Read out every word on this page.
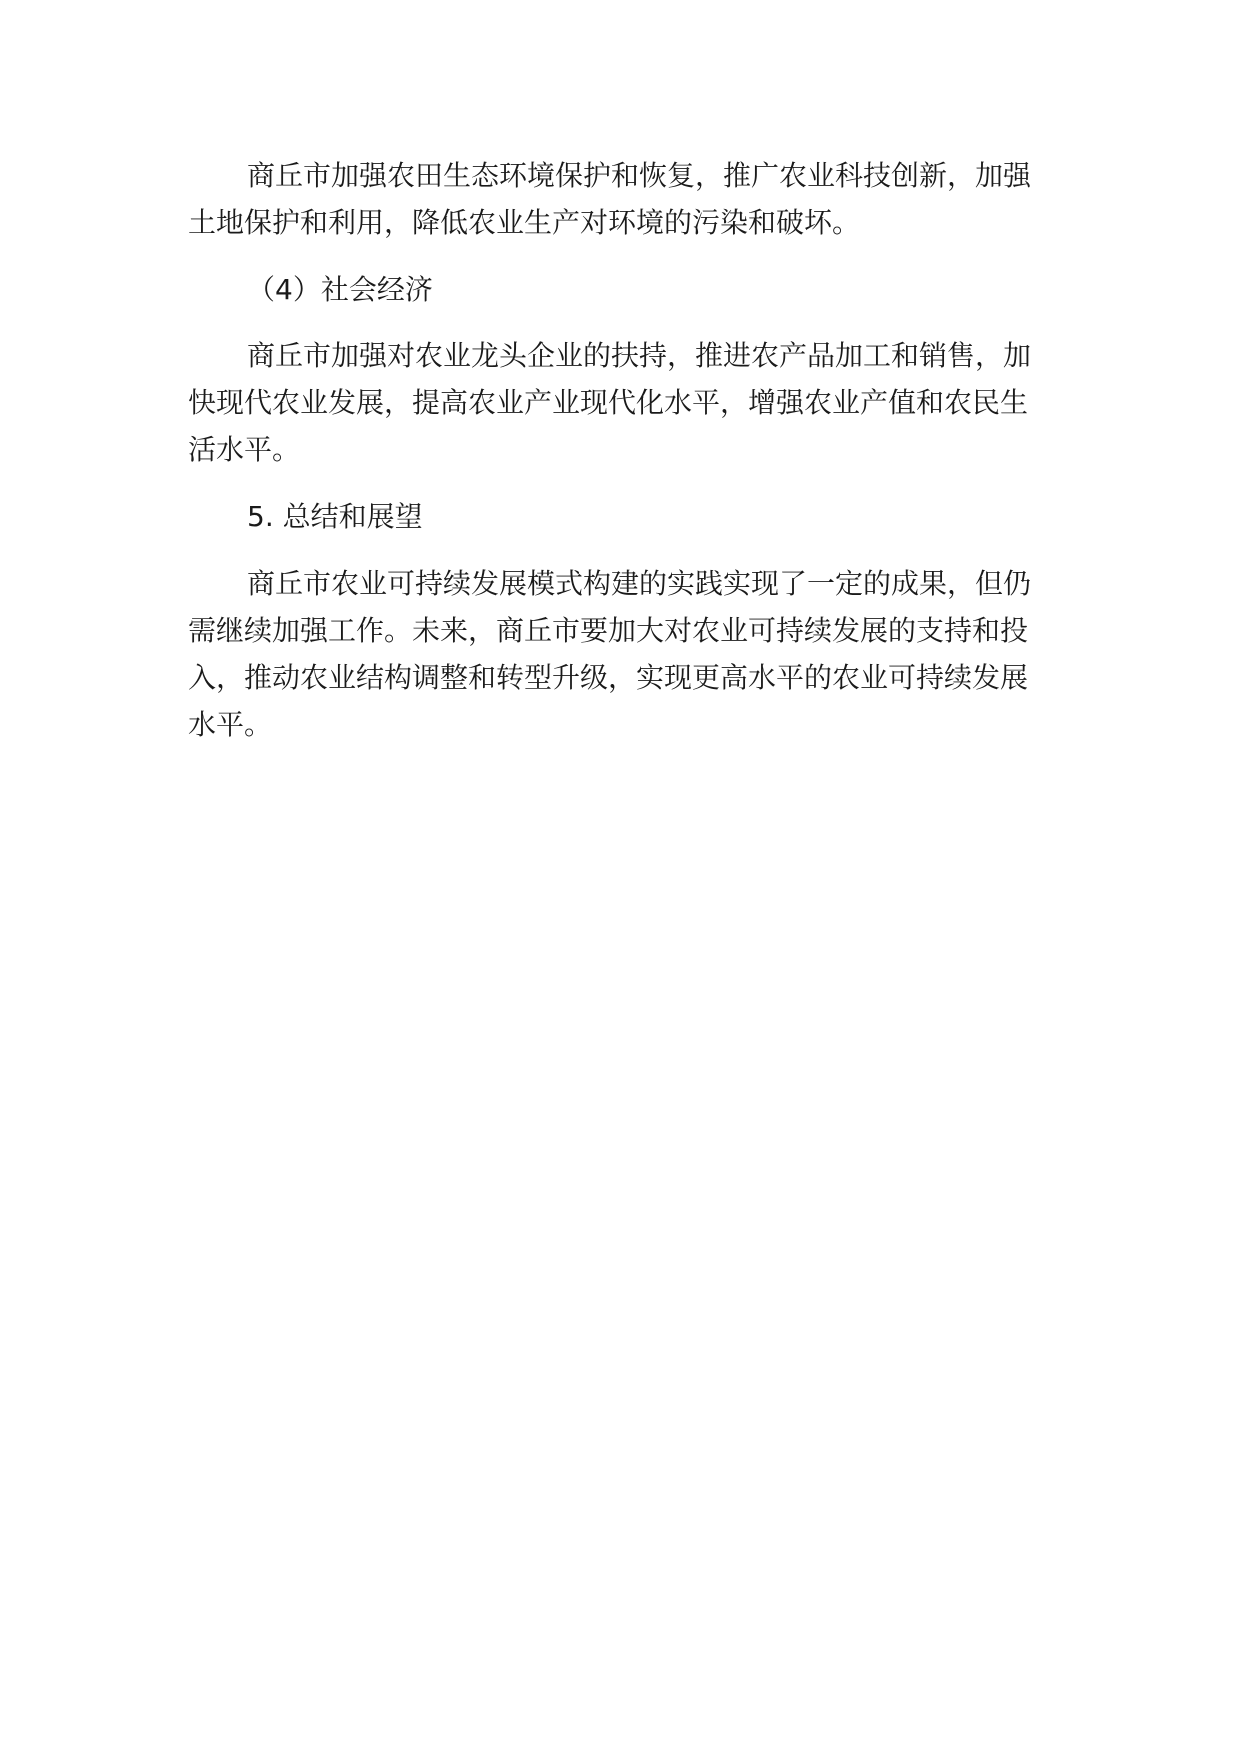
商丘市加强农田生态环境保护和恢复，推广农业科技创新，加强土地保护和利用，降低农业生产对环境的污染和破坏。

（4）社会经济

商丘市加强对农业龙头企业的扶持，推进农产品加工和销售，加快现代农业发展，提高农业产业现代化水平，增强农业产值和农民生活水平。

5. 总结和展望

商丘市农业可持续发展模式构建的实践实现了一定的成果，但仍需继续加强工作。未来，商丘市要加大对农业可持续发展的支持和投入，推动农业结构调整和转型升级，实现更高水平的农业可持续发展水平。
